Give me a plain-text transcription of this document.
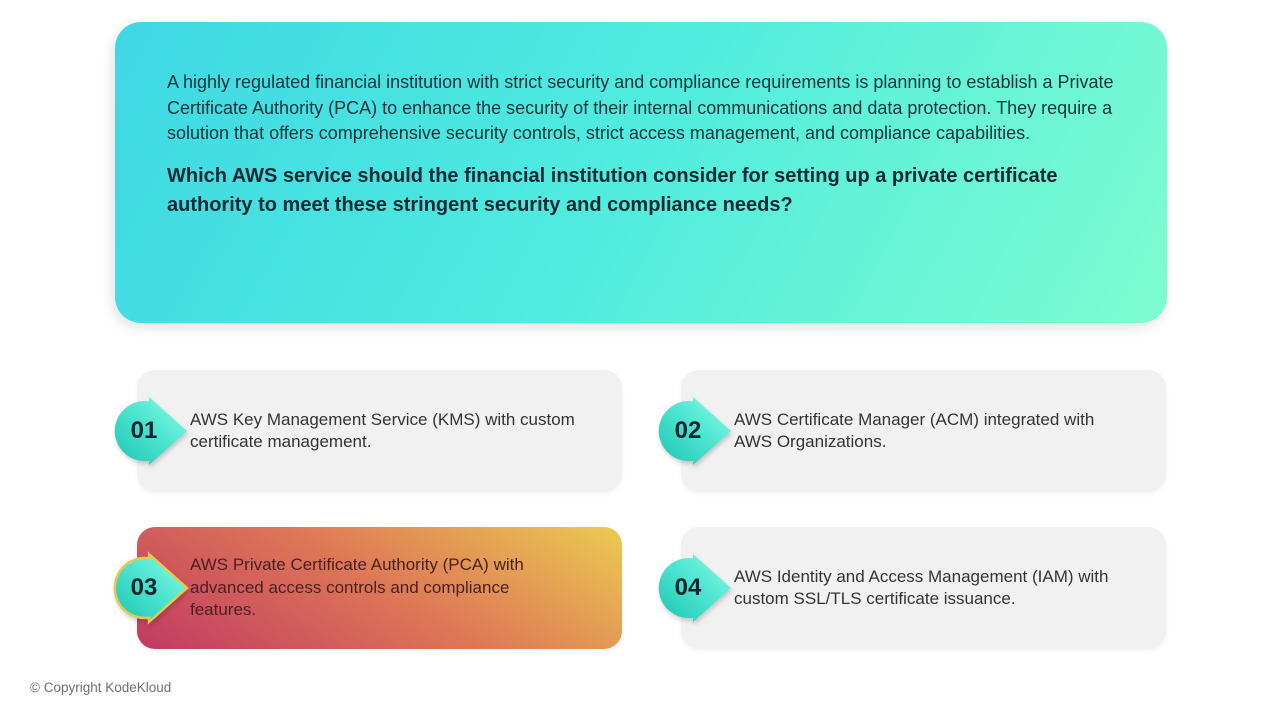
A highly regulated financial institution with strict security and compliance requirements is planning to establish a Private Certificate Authority (PCA) to enhance the security of their internal communications and data protection. They require a solution that offers comprehensive security controls, strict access management, and compliance capabilities.

Which AWS service should the financial institution consider for setting up a private certificate authority to meet these stringent security and compliance needs?

01	AWS Key Management Service (KMS) with custom certificate management.	02	AWS Certificate Manager (ACM) integrated with AWS Organizations.

03

AWS Private Certificate Authority (PCA) with advanced access controls and compliance features.

04	AWS Identity and Access Management (IAM) with custom SSL/TLS certificate issuance.

© Copyright KodeKloud
